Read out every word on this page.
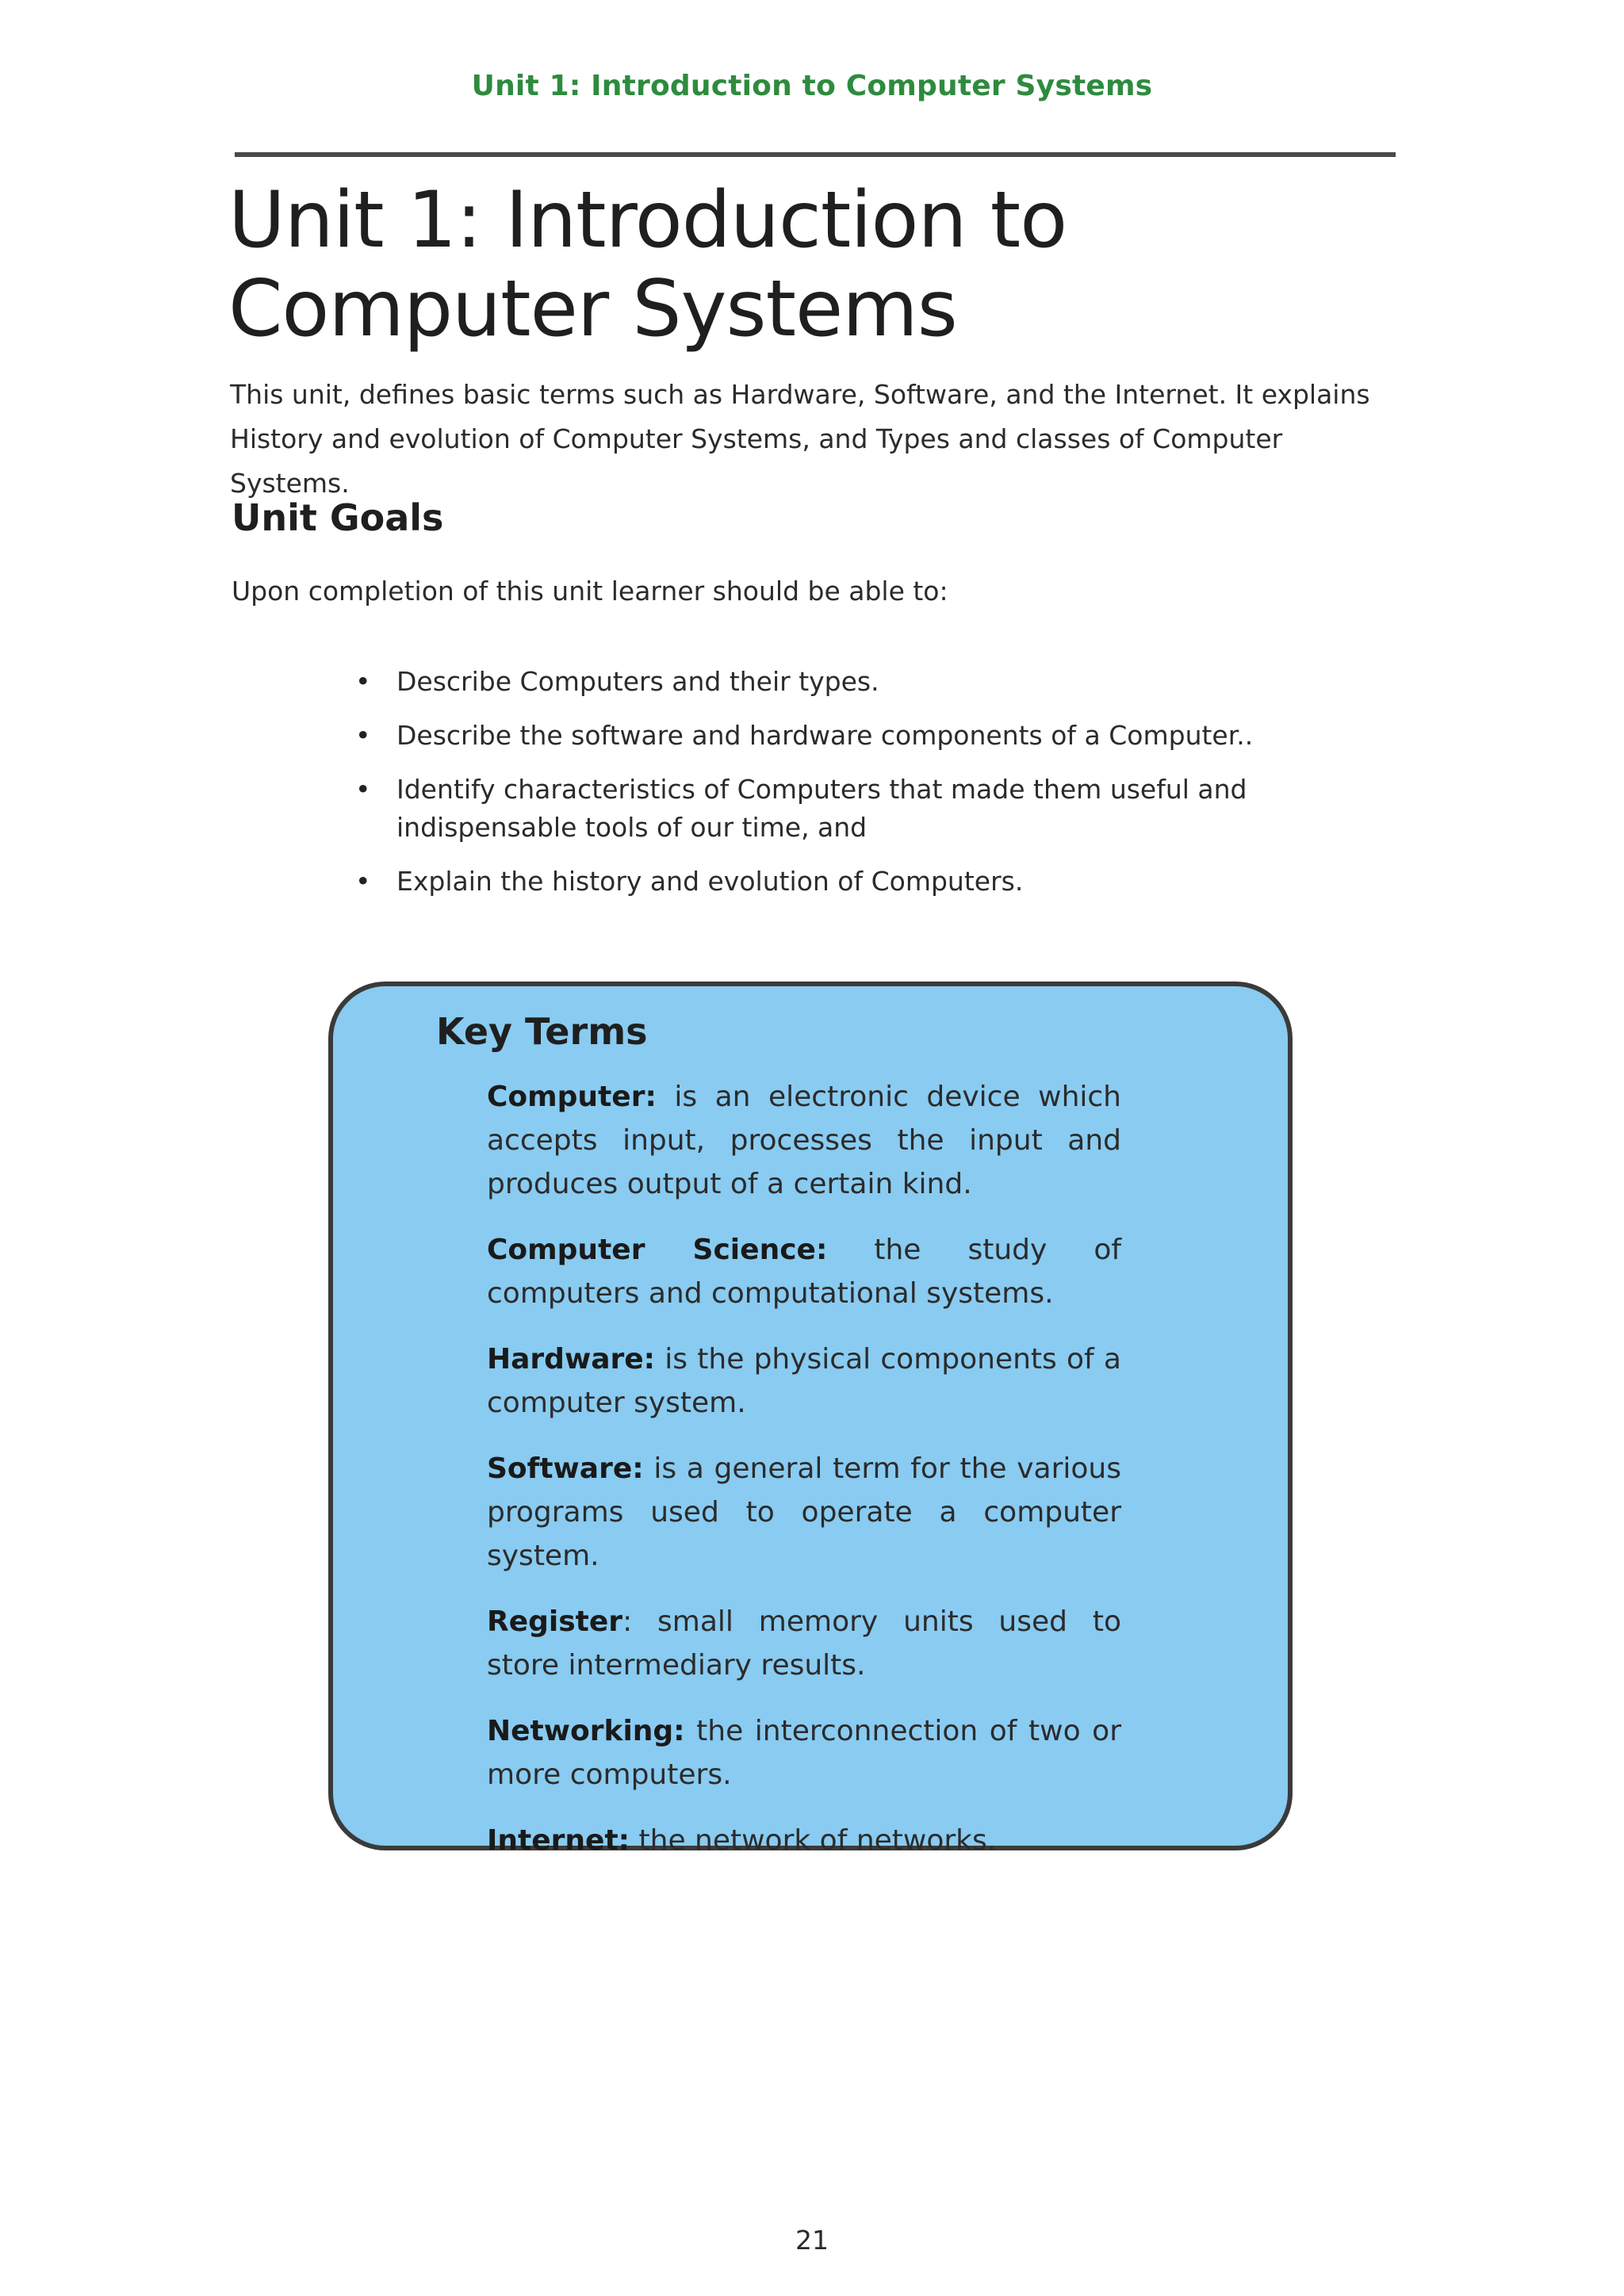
Unit 1: Introduction to Computer Systems
Unit 1: Introduction to Computer Systems

This unit, defines basic terms such as Hardware, Software, and the Internet. It explains History and evolution of Computer Systems, and Types and classes of Computer Systems.

Unit Goals

Upon completion of this unit learner should be able to:

• Describe Computers and their types.
• Describe the software and hardware components of a Computer..
• Identify characteristics of Computers that made them useful and indispensable tools of our time, and
• Explain the history and evolution of Computers.
Key Terms

Computer: is an electronic device which accepts input, processes the input and produces output of a certain kind.

Computer Science: the study of computers and computational systems.

Hardware: is the physical components of a computer system.

Software: is a general term for the various programs used to operate a computer system.

Register: small memory units used to store intermediary results.

Networking: the interconnection of two or more computers.

Internet: the network of networks.

21
